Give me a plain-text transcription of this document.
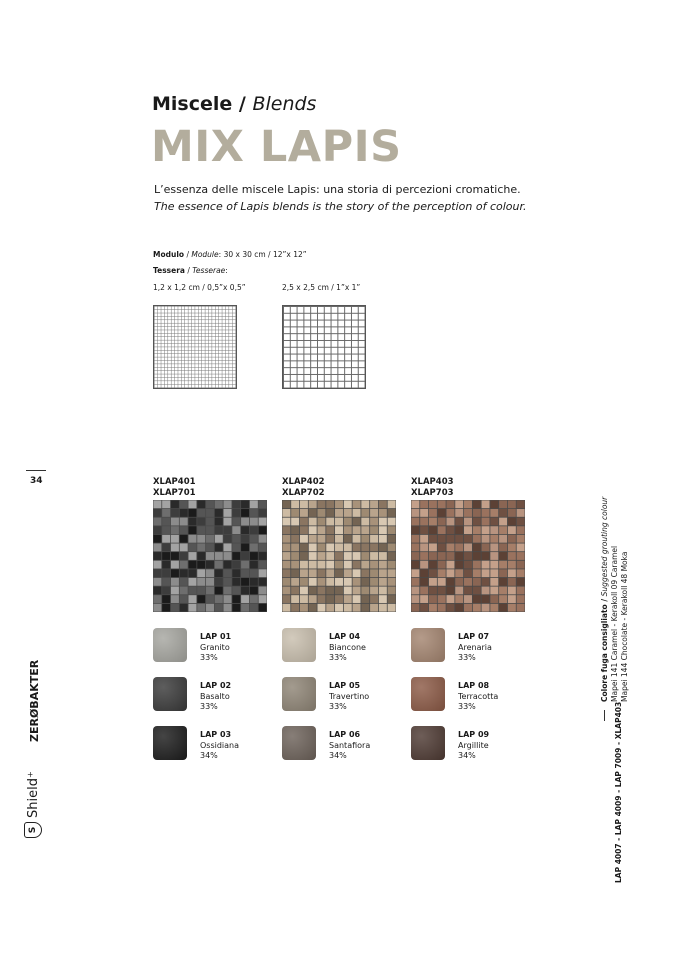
Miscele / Blends
MIX LAPIS
L’essenza delle miscele Lapis: una storia di percezioni cromatiche.
The essence of Lapis blends is the story of the perception of colour.
Modulo / Module: 30 x 30 cm / 12”x 12”
Tessera / Tesserae:
1,2 x 1,2 cm / 0,5”x 0,5”	2,5 x 2,5 cm / 1”x 1”
34	XLAP401
XLAP701
XLAP402
XLAP702
XLAP403
XLAP703
LAP 01
Granito
33%
LAP 02
Basalto
33%
LAP 03
Ossidiana
34%
LAP 04
Biancone
33%
LAP 05
Travertino
33%
LAP 06
Santafiora
34%
LAP 07
Arenaria
33%
LAP 08
Terracotta
33%
LAP 09
Argillite
34%
Colore fuga consigliato / Suggested grouting colour Mapei 141 Caramel - Kerakoll 09 Caramel Mapei 144 Chocolate - Kerakoll 48 Moka
LAP 4007 - LAP 4009 - LAP 7009 - XLAP403
ZERØBAKTER
S
Shield⁺
